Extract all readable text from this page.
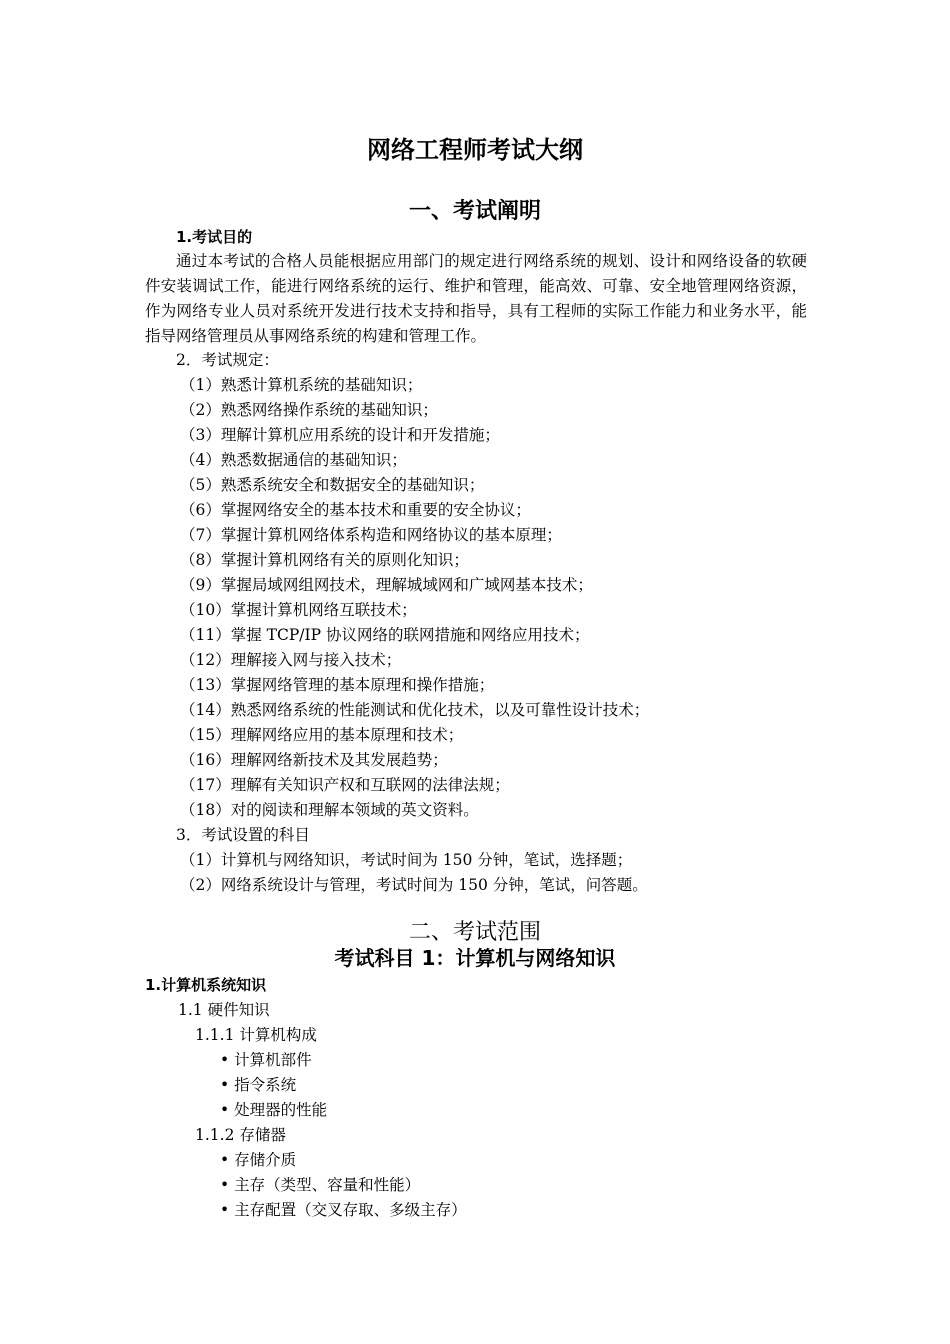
网络工程师考试大纲
一、考试阐明
1.考试目的
通过本考试的合格人员能根据应用部门的规定进行网络系统的规划、设计和网络设备的软硬件安装调试工作，能进行网络系统的运行、维护和管理，能高效、可靠、安全地管理网络资源，作为网络专业人员对系统开发进行技术支持和指导，具有工程师的实际工作能力和业务水平，能指导网络管理员从事网络系统的构建和管理工作。
2．考试规定：
（1）熟悉计算机系统的基础知识；
（2）熟悉网络操作系统的基础知识；
（3）理解计算机应用系统的设计和开发措施；
（4）熟悉数据通信的基础知识；
（5）熟悉系统安全和数据安全的基础知识；
（6）掌握网络安全的基本技术和重要的安全协议；
（7）掌握计算机网络体系构造和网络协议的基本原理；
（8）掌握计算机网络有关的原则化知识；
（9）掌握局域网组网技术，理解城域网和广域网基本技术；
（10）掌握计算机网络互联技术；
（11）掌握 TCP/IP 协议网络的联网措施和网络应用技术；
（12）理解接入网与接入技术；
（13）掌握网络管理的基本原理和操作措施；
（14）熟悉网络系统的性能测试和优化技术，以及可靠性设计技术；
（15）理解网络应用的基本原理和技术；
（16）理解网络新技术及其发展趋势；
（17）理解有关知识产权和互联网的法律法规；
（18）对的阅读和理解本领域的英文资料。
3．考试设置的科目
（1）计算机与网络知识，考试时间为 150 分钟，笔试，选择题；
（2）网络系统设计与管理，考试时间为 150 分钟，笔试，问答题。
二、考试范围
考试科目 1：计算机与网络知识
1.计算机系统知识
1.1 硬件知识
1.1.1 计算机构成
• 计算机部件
• 指令系统
• 处理器的性能
1.1.2 存储器
• 存储介质
• 主存（类型、容量和性能）
• 主存配置（交叉存取、多级主存）
